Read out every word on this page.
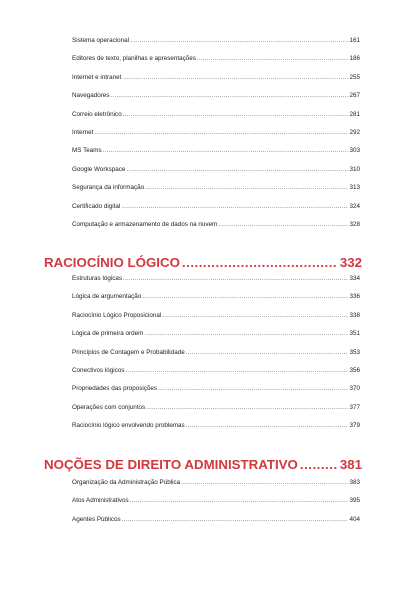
Sistema operacional .....	161
Editores de texto, planilhas e apresentações .....	186
Internet e intranet .....	255
Navegadores .....	267
Correio eletrônico .....	281
Internet .....	292
MS Teams .....	303
Google Workspace .....	310
Segurança da informação .....	313
Certificado digital .....	324
Computação e armazenamento de dados na nuvem .....	328
RACIOCÍNIO LÓGICO .....	332
Estruturas lógicas .....	334
Lógica de argumentação .....	336
Raciocínio Lógico Proposicional .....	338
Lógica de primeira ordem .....	351
Princípios de Contagem e Probabilidade .....	353
Conectivos lógicos .....	356
Propriedades das proposições .....	370
Operações com conjuntos .....	377
Raciocínio lógico envolvendo problemas .....	379
NOÇÕES DE DIREITO ADMINISTRATIVO .....	381
Organização da Administração Pública .....	383
Atos Administrativos .....	395
Agentes Públicos .....	404
